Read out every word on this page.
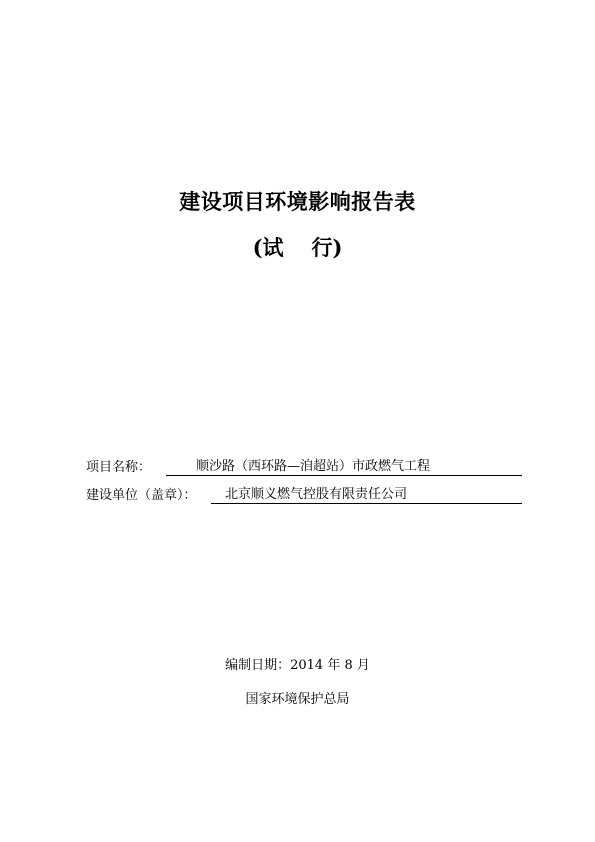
建设项目环境影响报告表
(试 行)
项目名称：	顺沙路（西环路—洎超站）市政燃气工程
建设单位（盖章）：	北京顺义燃气控股有限责任公司
编制日期：2014 年 8 月
国家环境保护总局
